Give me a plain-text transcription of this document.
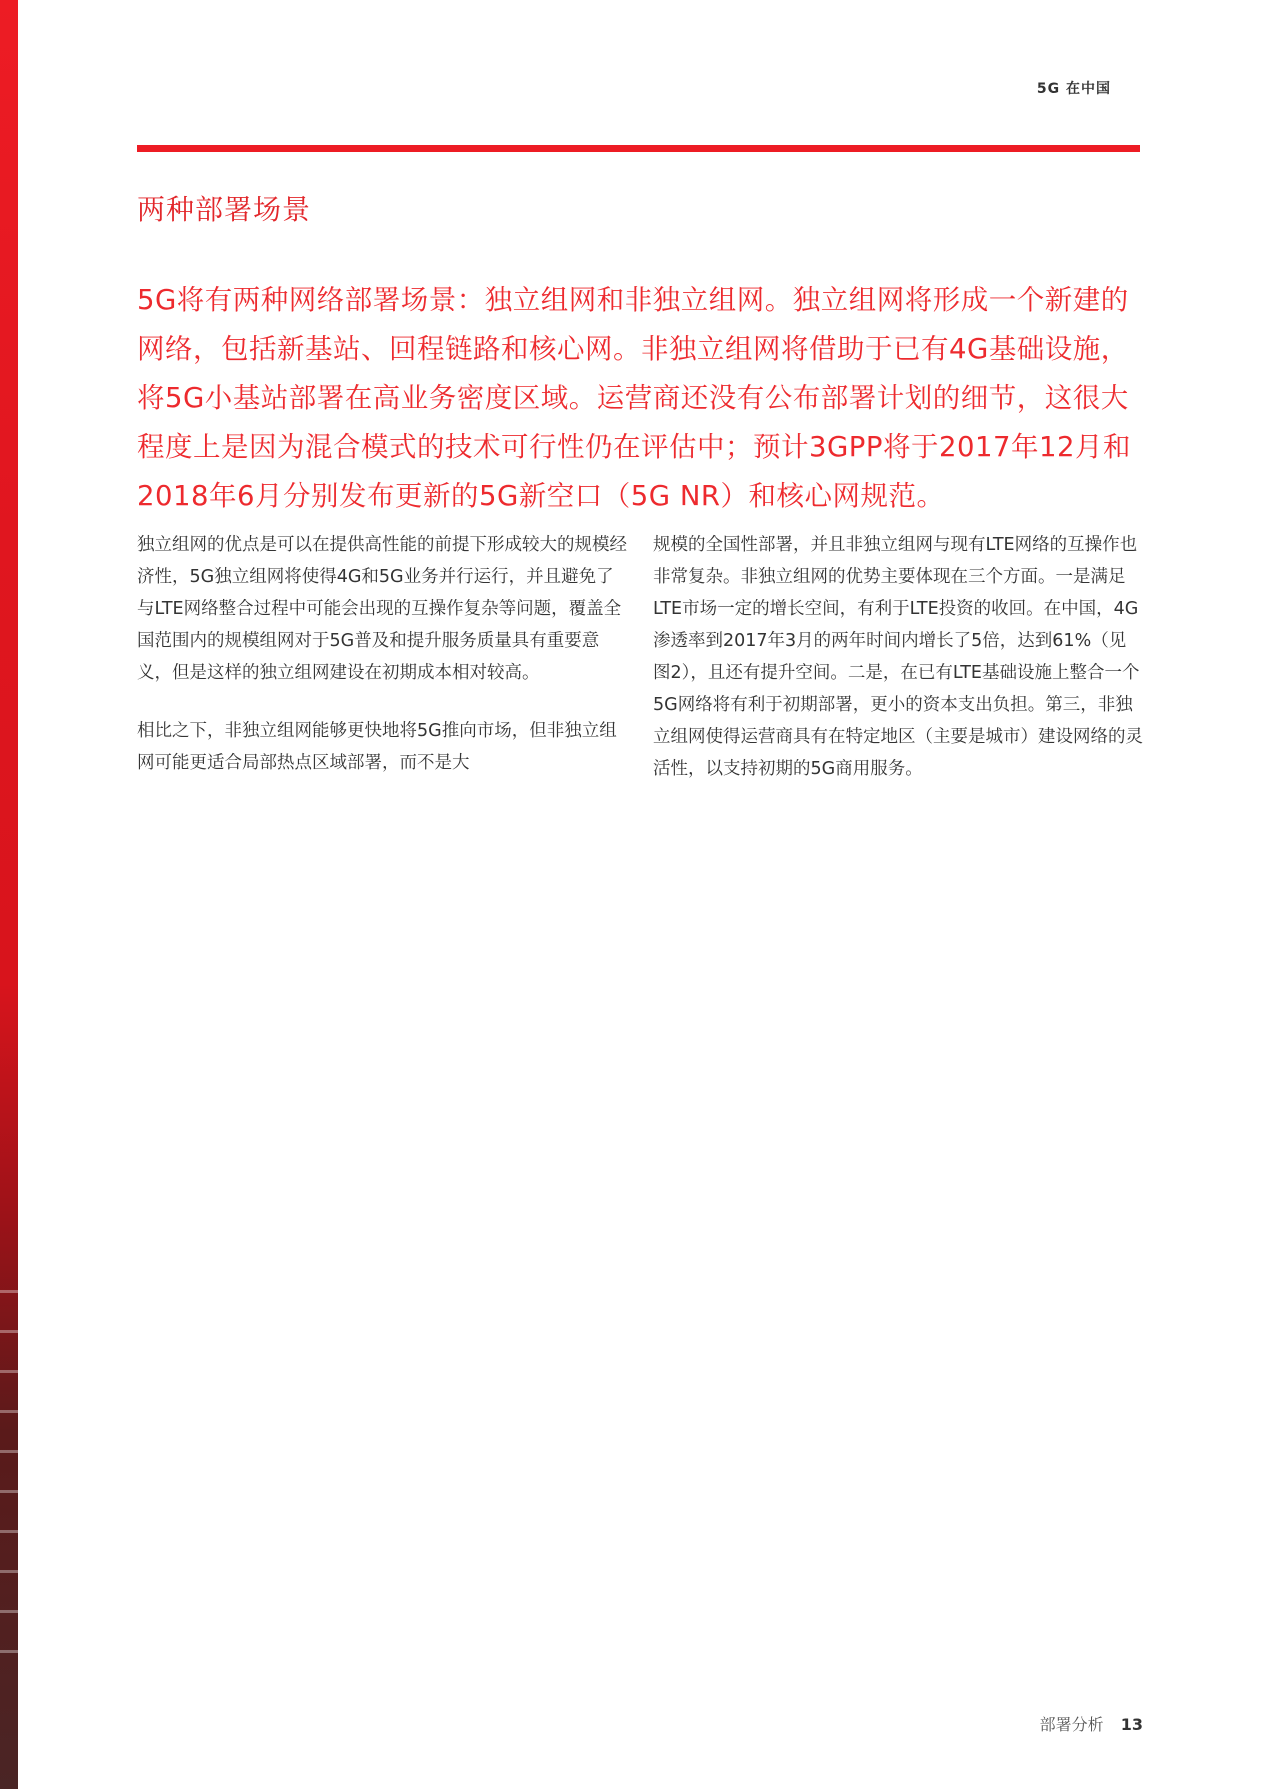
5G 在中国
两种部署场景

5G将有两种网络部署场景：独立组网和非独立组网。独立组网将形成一个新建的网络，包括新基站、回程链路和核心网。非独立组网将借助于已有4G基础设施，将5G小基站部署在高业务密度区域。运营商还没有公布部署计划的细节，这很大程度上是因为混合模式的技术可行性仍在评估中；预计3GPP将于2017年12月和2018年6月分别发布更新的5G新空口（5G NR）和核心网规范。

独立组网的优点是可以在提供高性能的前提下形成较大的规模经济性，5G独立组网将使得4G和5G业务并行运行，并且避免了与LTE网络整合过程中可能会出现的互操作复杂等问题，覆盖全国范围内的规模组网对于5G普及和提升服务质量具有重要意义，但是这样的独立组网建设在初期成本相对较高。

相比之下，非独立组网能够更快地将5G推向市场，但非独立组网可能更适合局部热点区域部署，而不是大

规模的全国性部署，并且非独立组网与现有LTE网络的互操作也非常复杂。非独立组网的优势主要体现在三个方面。一是满足LTE市场一定的增长空间，有利于LTE投资的收回。在中国，4G渗透率到2017年3月的两年时间内增长了5倍，达到61%（见图2），且还有提升空间。二是，在已有LTE基础设施上整合一个5G网络将有利于初期部署，更小的资本支出负担。第三，非独立组网使得运营商具有在特定地区（主要是城市）建设网络的灵活性，以支持初期的5G商用服务。

部署分析 13
